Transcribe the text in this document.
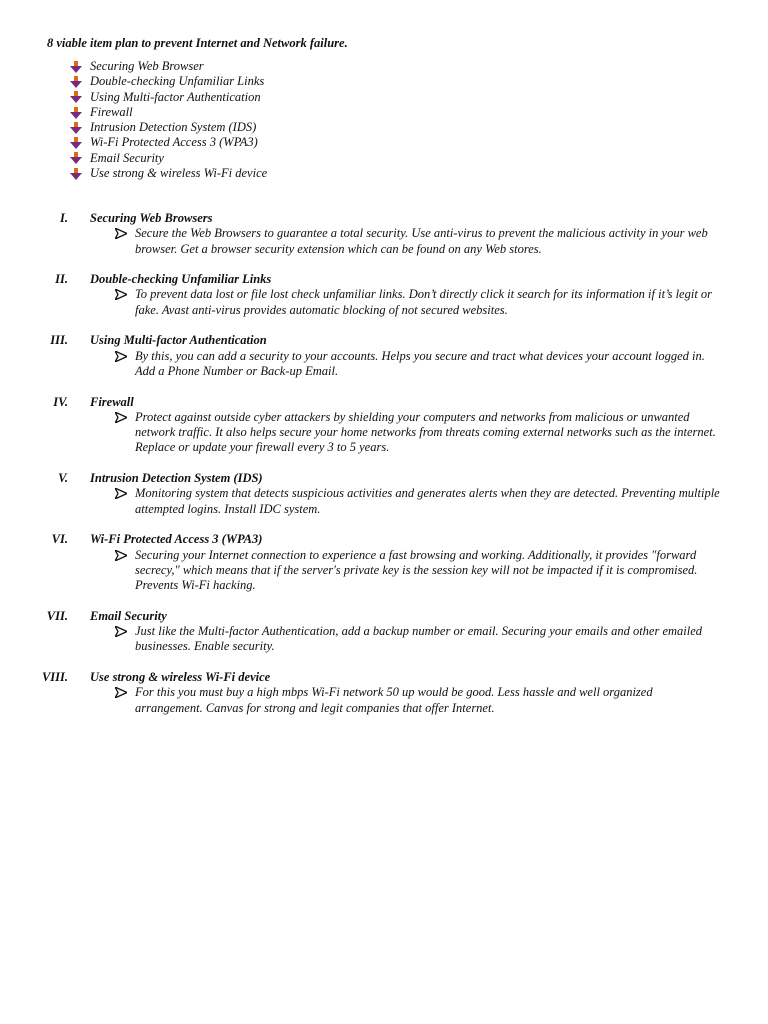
8 viable item plan to prevent Internet and Network failure.

Securing Web Browser
Double-checking Unfamiliar Links
Using Multi-factor Authentication
Firewall
Intrusion Detection System (IDS)
Wi-Fi Protected Access 3 (WPA3)
Email Security
Use strong & wireless Wi-Fi device
I. Securing Web Browsers

Secure the Web Browsers to guarantee a total security. Use anti-virus to prevent the malicious activity in your web browser. Get a browser security extension which can be found on any Web stores.

II. Double-checking Unfamiliar Links

To prevent data lost or file lost check unfamiliar links. Don’t directly click it search for its information if it’s legit or fake. Avast anti-virus provides automatic blocking of not secured websites.

III. Using Multi-factor Authentication

By this, you can add a security to your accounts. Helps you secure and tract what devices your account logged in. Add a Phone Number or Back-up Email.

IV. Firewall

Protect against outside cyber attackers by shielding your computers and networks from malicious or unwanted network traffic. It also helps secure your home networks from threats coming external networks such as the internet. Replace or update your firewall every 3 to 5 years.

V. Intrusion Detection System (IDS)

Monitoring system that detects suspicious activities and generates alerts when they are detected. Preventing multiple attempted logins. Install IDC system.

VI. Wi-Fi Protected Access 3 (WPA3)

Securing your Internet connection to experience a fast browsing and working. Additionally, it provides "forward secrecy," which means that if the server's private key is the session key will not be impacted if it is compromised. Prevents Wi-Fi hacking.

VII. Email Security

Just like the Multi-factor Authentication, add a backup number or email. Securing your emails and other emailed businesses. Enable security.

VIII. Use strong & wireless Wi-Fi device

For this you must buy a high mbps Wi-Fi network 50 up would be good. Less hassle and well organized arrangement. Canvas for strong and legit companies that offer Internet.
